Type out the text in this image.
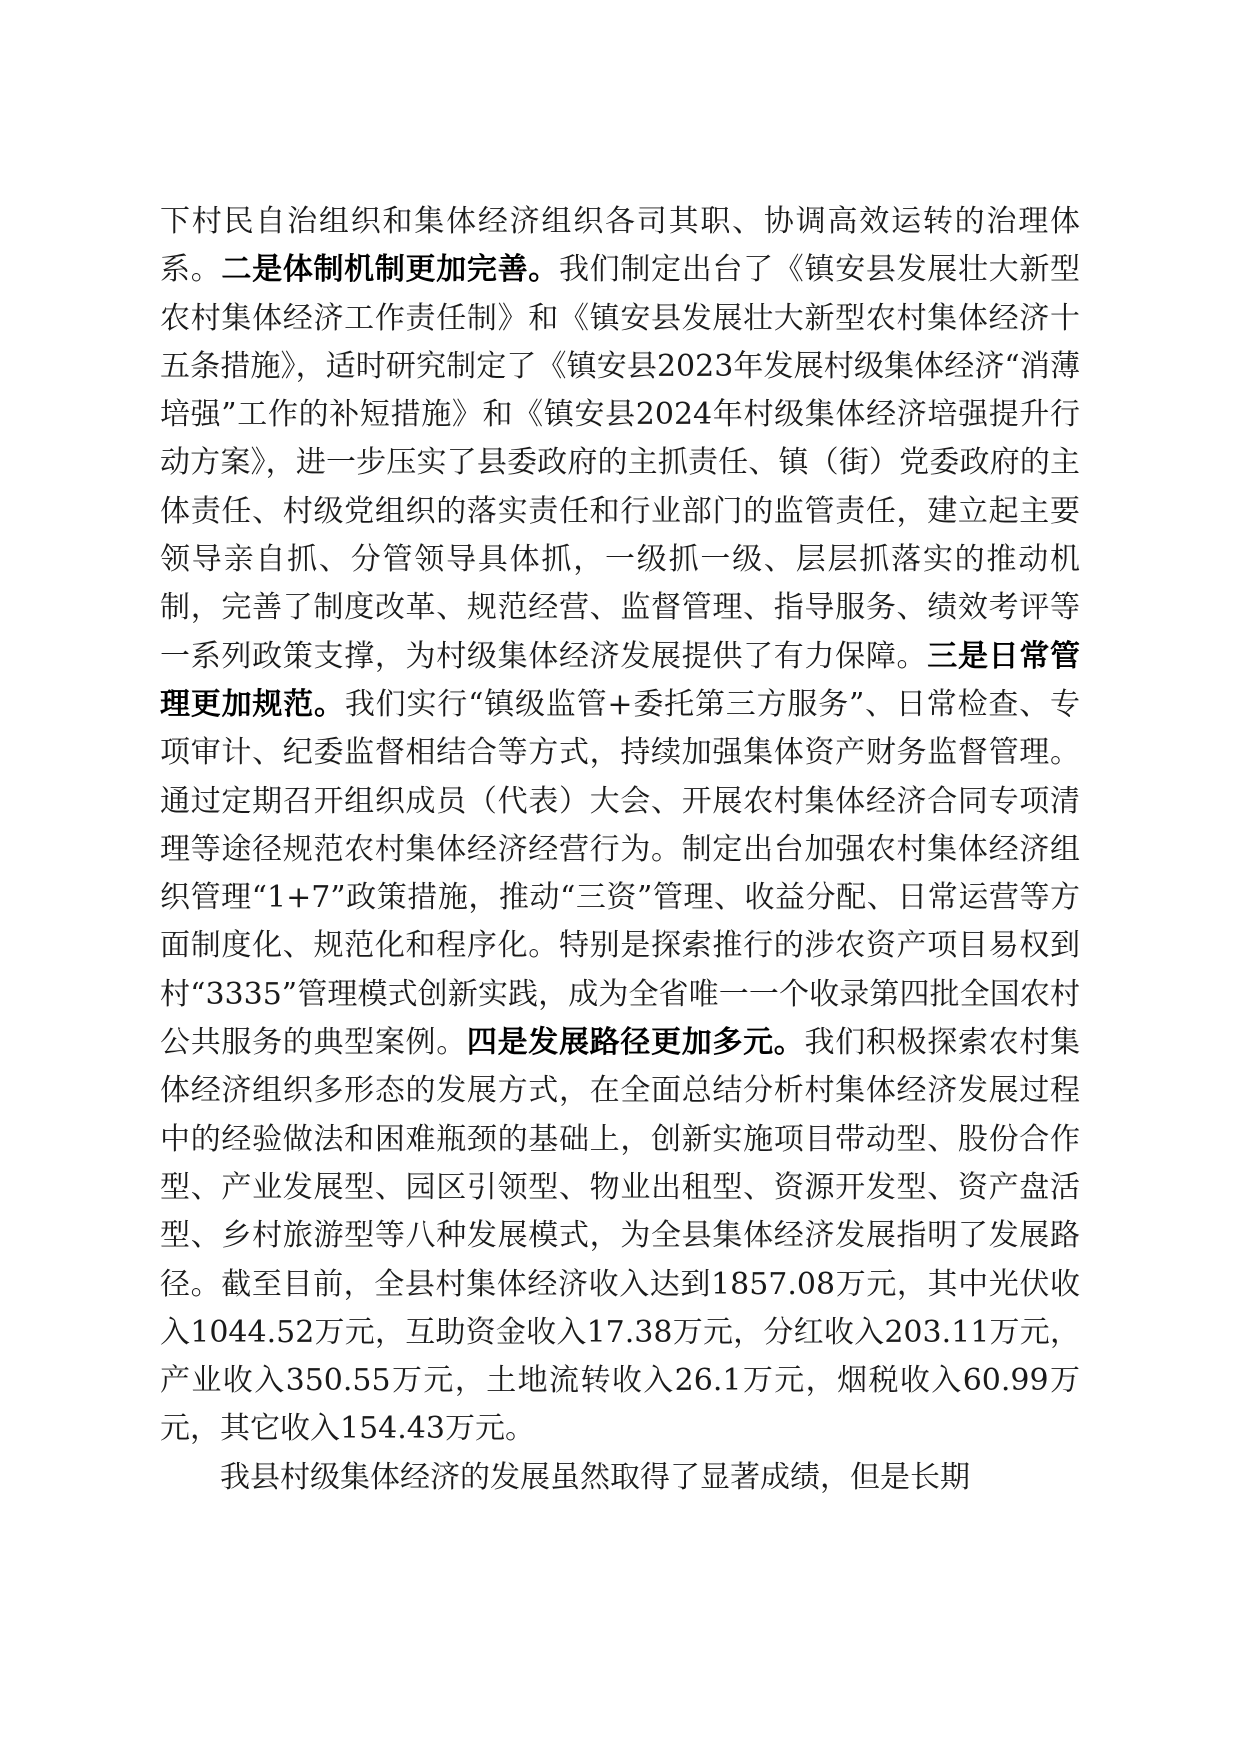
下村民自治组织和集体经济组织各司其职、协调高效运转的治理体系。二是体制机制更加完善。我们制定出台了《镇安县发展壮大新型农村集体经济工作责任制》和《镇安县发展壮大新型农村集体经济十五条措施》，适时研究制定了《镇安县2023年发展村级集体经济“消薄培强”工作的补短措施》和《镇安县2024年村级集体经济培强提升行动方案》，进一步压实了县委政府的主抓责任、镇（街）党委政府的主体责任、村级党组织的落实责任和行业部门的监管责任，建立起主要领导亲自抓、分管领导具体抓，一级抓一级、层层抓落实的推动机制，完善了制度改革、规范经营、监督管理、指导服务、绩效考评等一系列政策支撑，为村级集体经济发展提供了有力保障。三是日常管理更加规范。我们实行“镇级监管+委托第三方服务”、日常检查、专项审计、纪委监督相结合等方式，持续加强集体资产财务监督管理。通过定期召开组织成员（代表）大会、开展农村集体经济合同专项清理等途径规范农村集体经济经营行为。制定出台加强农村集体经济组织管理“1+7”政策措施，推动“三资”管理、收益分配、日常运营等方面制度化、规范化和程序化。特别是探索推行的涉农资产项目易权到村“3335”管理模式创新实践，成为全省唯一一个收录第四批全国农村公共服务的典型案例。四是发展路径更加多元。我们积极探索农村集体经济组织多形态的发展方式，在全面总结分析村集体经济发展过程中的经验做法和困难瓶颈的基础上，创新实施项目带动型、股份合作型、产业发展型、园区引领型、物业出租型、资源开发型、资产盘活型、乡村旅游型等八种发展模式，为全县集体经济发展指明了发展路径。截至目前，全县村集体经济收入达到1857.08万元，其中光伏收入1044.52万元，互助资金收入17.38万元，分红收入203.11万元，产业收入350.55万元，土地流转收入26.1万元，烟税收入60.99万元，其它收入154.43万元。

我县村级集体经济的发展虽然取得了显著成绩，但是长期
